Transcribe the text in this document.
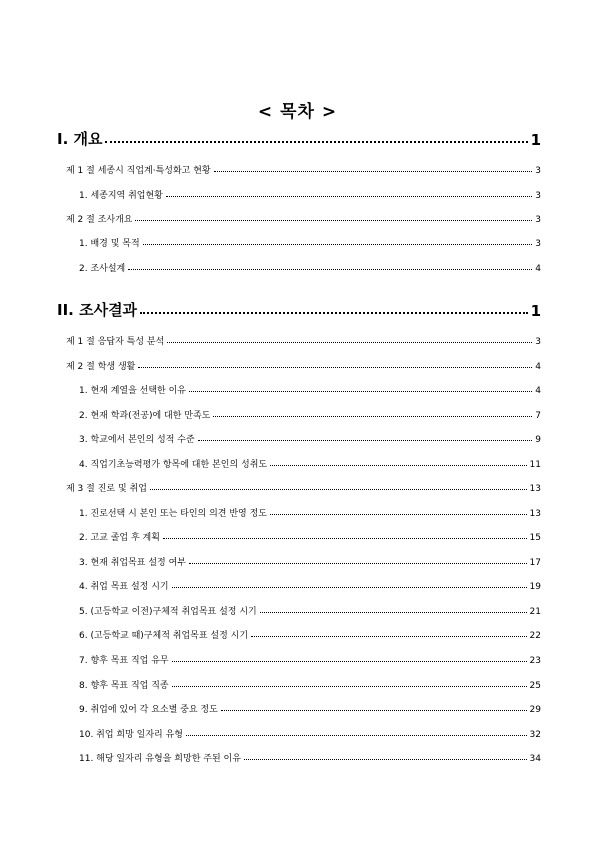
< 목차 >
I. 개요	1
제 1 절 세종시 직업계·특성화고 현황	3
1. 세종지역 취업현황	3
제 2 절 조사개요	3
1. 배경 및 목적	3
2. 조사설계	4
II. 조사결과	1
제 1 절 응답자 특성 분석	3
제 2 절 학생 생활	4
1. 현재 계열을 선택한 이유	4
2. 현재 학과(전공)에 대한 만족도	7
3. 학교에서 본인의 성적 수준	9
4. 직업기초능력평가 항목에 대한 본인의 성취도	11
제 3 절 진로 및 취업	13
1. 진로선택 시 본인 또는 타인의 의견 반영 정도	13
2. 고교 졸업 후 계획	15
3. 현재 취업목표 설정 여부	17
4. 취업 목표 설정 시기	19
5. (고등학교 이전)구체적 취업목표 설정 시기	21
6. (고등학교 때)구체적 취업목표 설정 시기	22
7. 향후 목표 직업 유무	23
8. 향후 목표 직업 직종	25
9. 취업에 있어 각 요소별 중요 정도	29
10. 취업 희망 일자리 유형	32
11. 해당 일자리 유형을 희망한 주된 이유	34
